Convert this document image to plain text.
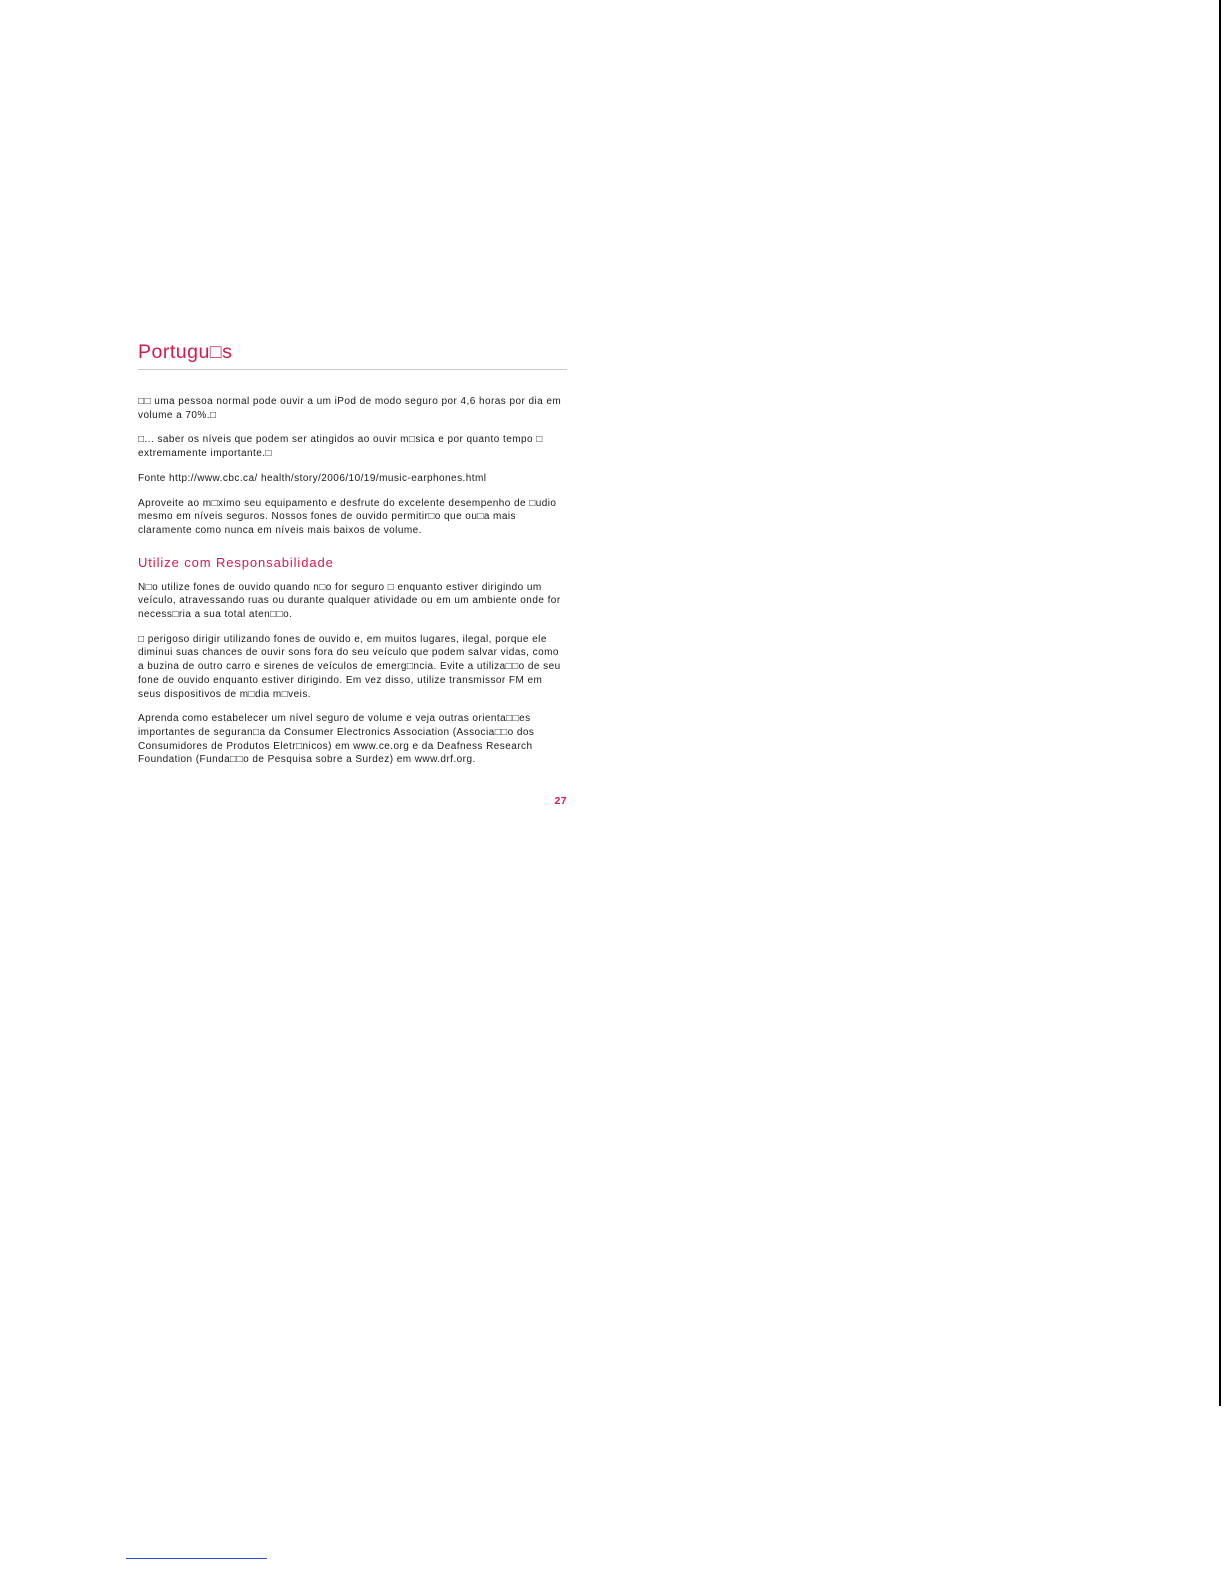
Portugu□s

□□ uma pessoa normal pode ouvir a um iPod de modo seguro por 4,6 horas por dia em volume a 70%.□

□... saber os níveis que podem ser atingidos ao ouvir m□sica e por quanto tempo □ extremamente importante.□

Fonte http://www.cbc.ca/ health/story/2006/10/19/music-earphones.html

Aproveite ao m□ximo seu equipamento e desfrute do excelente desempenho de □udio mesmo em níveis seguros. Nossos fones de ouvido permitir□o que ou□a mais claramente como nunca em níveis mais baixos de volume.

Utilize com Responsabilidade

N□o utilize fones de ouvido quando n□o for seguro □ enquanto estiver dirigindo um veículo, atravessando ruas ou durante qualquer atividade ou em um ambiente onde for necess□ria a sua total aten□□o.

□ perigoso dirigir utilizando fones de ouvido e, em muitos lugares, ilegal, porque ele diminui suas chances de ouvir sons fora do seu veículo que podem salvar vidas, como a buzina de outro carro e sirenes de veículos de emerg□ncia. Evite a utiliza□□o de seu fone de ouvido enquanto estiver dirigindo. Em vez disso, utilize transmissor FM em seus dispositivos de m□dia m□veis.

Aprenda como estabelecer um nível seguro de volume e veja outras orienta□□es importantes de seguran□a da Consumer Electronics Association (Associa□□o dos Consumidores de Produtos Eletr□nicos) em www.ce.org e da Deafness Research Foundation (Funda□□o de Pesquisa sobre a Surdez) em www.drf.org.

27
